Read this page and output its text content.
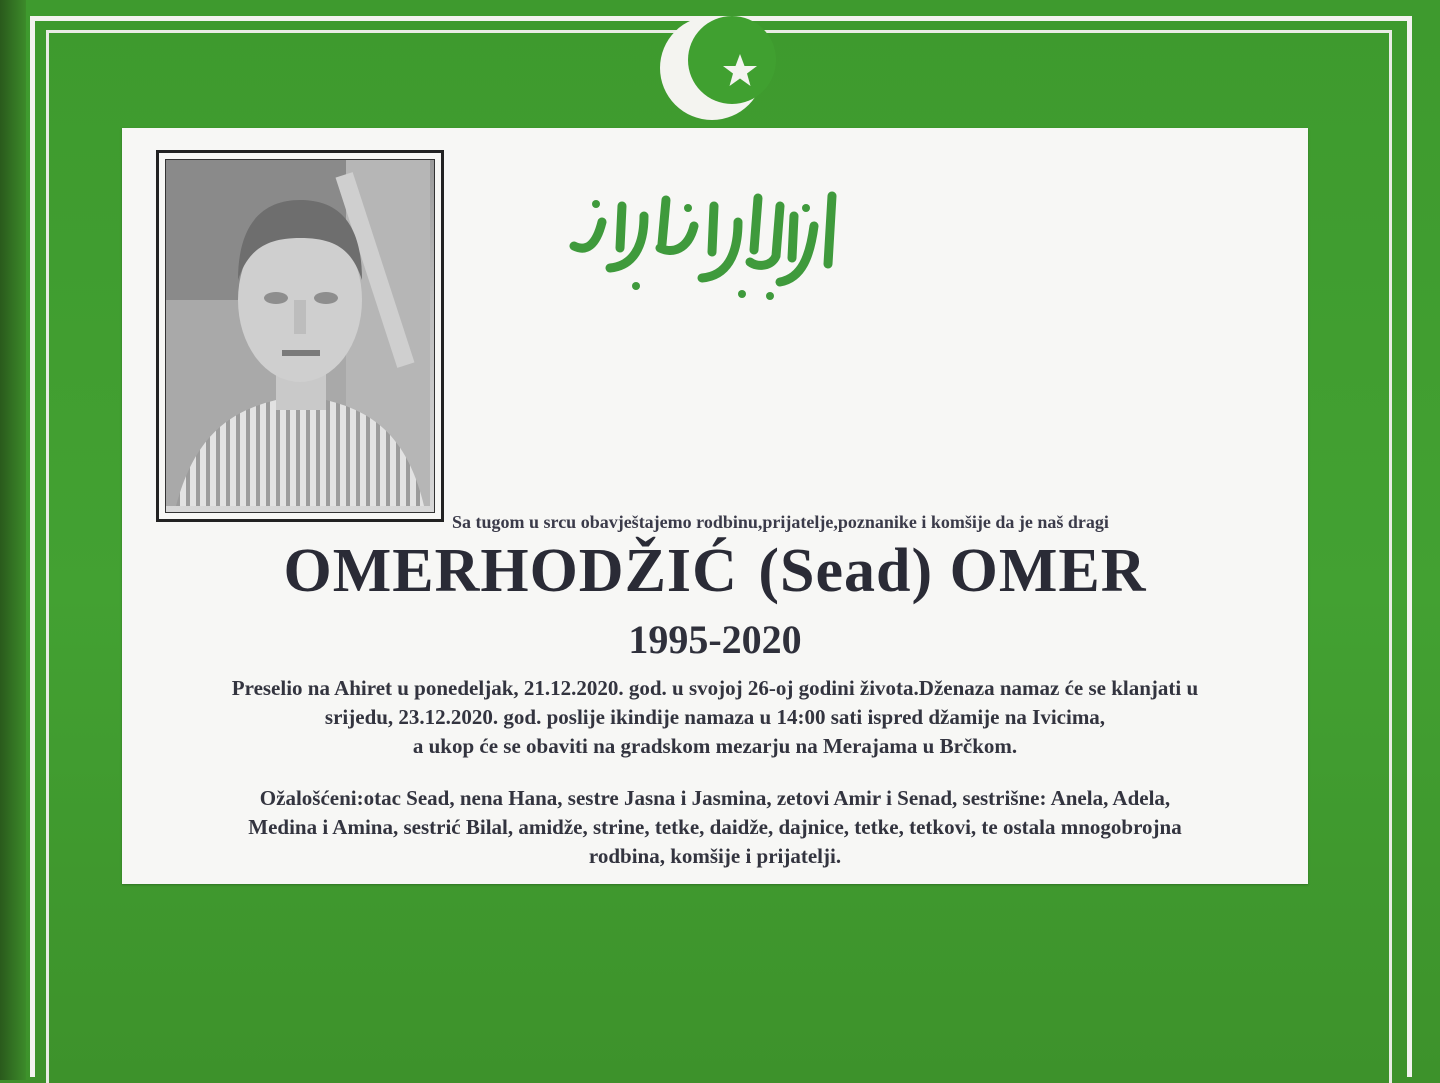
Sa tugom u srcu obavještajemo rodbinu,prijatelje,poznanike i komšije da je naš dragi
OMERHODŽIĆ (Sead) OMER
1995-2020
Preselio na Ahiret u ponedeljak, 21.12.2020. god. u svojoj 26-oj godini života.Dženaza namaz će se klanjati u
srijedu, 23.12.2020. god. poslije ikindije namaza u 14:00 sati ispred džamije na Ivicima,
a ukop će se obaviti na gradskom mezarju na Merajama u Brčkom.
Ožalošćeni:otac Sead, nena Hana, sestre Jasna i Jasmina, zetovi Amir i Senad, sestrišne: Anela, Adela,
Medina i Amina, sestrić Bilal, amidže, strine, tetke, daidže, dajnice, tetke, tetkovi, te ostala mnogobrojna
rodbina, komšije i prijatelji.
